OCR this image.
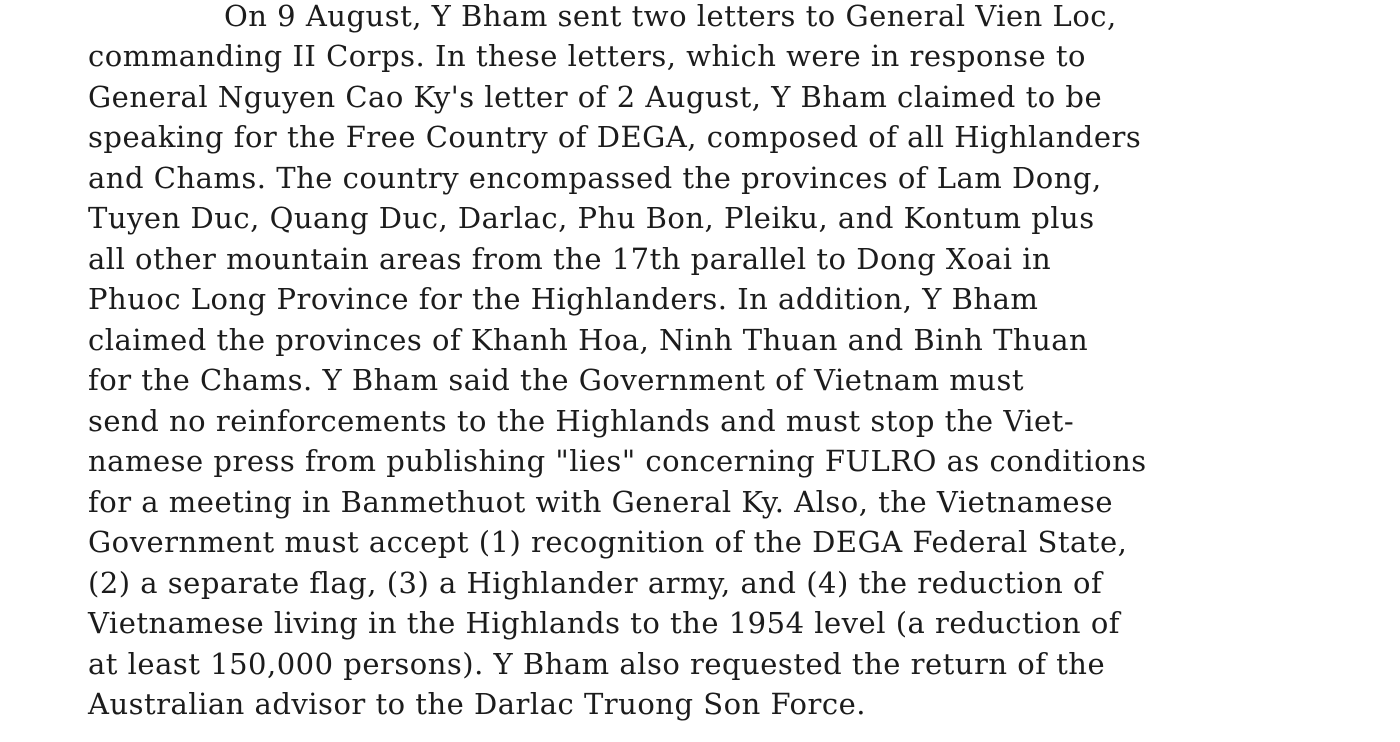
On 9 August, Y Bham sent two letters to General Vien Loc,
commanding II Corps. In these letters, which were in response to
General Nguyen Cao Ky's letter of 2 August, Y Bham claimed to be
speaking for the Free Country of DEGA, composed of all Highlanders
and Chams. The country encompassed the provinces of Lam Dong,
Tuyen Duc, Quang Duc, Darlac, Phu Bon, Pleiku, and Kontum plus
all other mountain areas from the 17th parallel to Dong Xoai in
Phuoc Long Province for the Highlanders. In addition, Y Bham
claimed the provinces of Khanh Hoa, Ninh Thuan and Binh Thuan
for the Chams. Y Bham said the Government of Vietnam must
send no reinforcements to the Highlands and must stop the Viet-
namese press from publishing "lies" concerning FULRO as conditions
for a meeting in Banmethuot with General Ky. Also, the Vietnamese
Government must accept (1) recognition of the DEGA Federal State,
(2) a separate flag, (3) a Highlander army, and (4) the reduction of
Vietnamese living in the Highlands to the 1954 level (a reduction of
at least 150,000 persons). Y Bham also requested the return of the
Australian advisor to the Darlac Truong Son Force.
